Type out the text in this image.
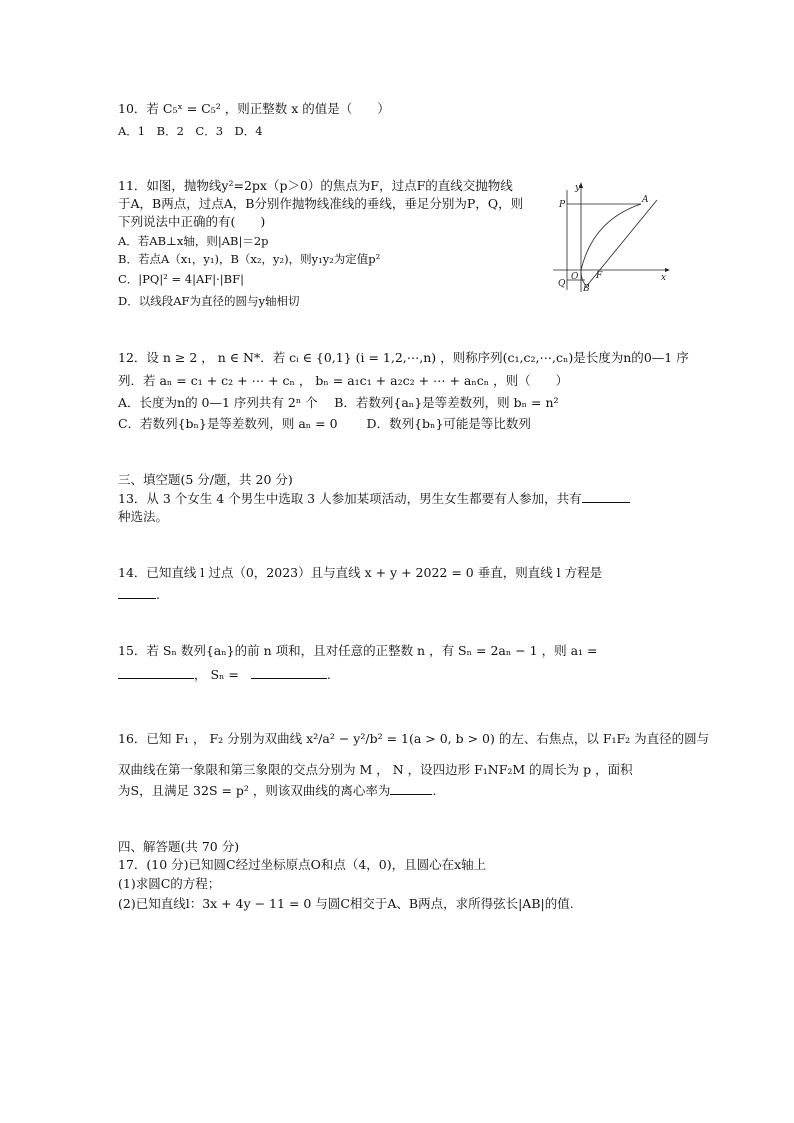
10．若 C₅ˣ = C₅² ，则正整数 x 的值是（　　）
A．1　B．2　C．3　D．4
11．如图，抛物线y²=2px（p＞0）的焦点为F，过点F的直线交抛物线
于A，B两点，过点A，B分别作抛物线准线的垂线，垂足分别为P，Q，则
下列说法中正确的有(　　)
A．若AB⊥x轴，则|AB|＝2p
B．若点A（x₁，y₁)，B（x₂，y₂)，则y₁y₂为定值p²
C．|PQ|² = 4|AF|·|BF|
D．以线段AF为直径的圆与y轴相切
y
x
A
P
O F
Q B
12．设 n ≥ 2 ， n ∈ N*．若 cᵢ ∈ {0,1} (i = 1,2,⋯,n) ，则称序列(c₁,c₂,⋯,cₙ)是长度为n的0—1 序
列．若 aₙ = c₁ + c₂ + ⋯ + cₙ ， bₙ = a₁c₁ + a₂c₂ + ⋯ + aₙcₙ ，则（　　）
A．长度为n的 0—1 序列共有 2ⁿ 个　 B．若数列{aₙ}是等差数列，则 bₙ = n²
C．若数列{bₙ}是等差数列，则 aₙ = 0　　 D．数列{bₙ}可能是等比数列
三、填空题(5 分/题，共 20 分)
13．从 3 个女生 4 个男生中选取 3 人参加某项活动，男生女生都要有人参加，共有
种选法。
14．已知直线 l 过点（0，2023）且与直线 x + y + 2022 = 0 垂直，则直线 l 方程是
.
15．若 Sₙ 数列{aₙ}的前 n 项和，且对任意的正整数 n ，有 Sₙ = 2aₙ − 1 ，则 a₁ =
， Sₙ =	.
16．已知 F₁ ， F₂ 分别为双曲线 x²/a² − y²/b² = 1(a > 0, b > 0) 的左、右焦点，以 F₁F₂ 为直径的圆与
双曲线在第一象限和第三象限的交点分别为 M ， N ，设四边形 F₁NF₂M 的周长为 p ，面积
为S，且满足 32S = p² ，则该双曲线的离心率为	.
四、解答题(共 70 分)
17．(10 分)已知圆C经过坐标原点O和点（4，0)，且圆心在x轴上
(1)求圆C的方程；
(2)已知直线l：3x + 4y − 11 = 0 与圆C相交于A、B两点，求所得弦长|AB|的值.
